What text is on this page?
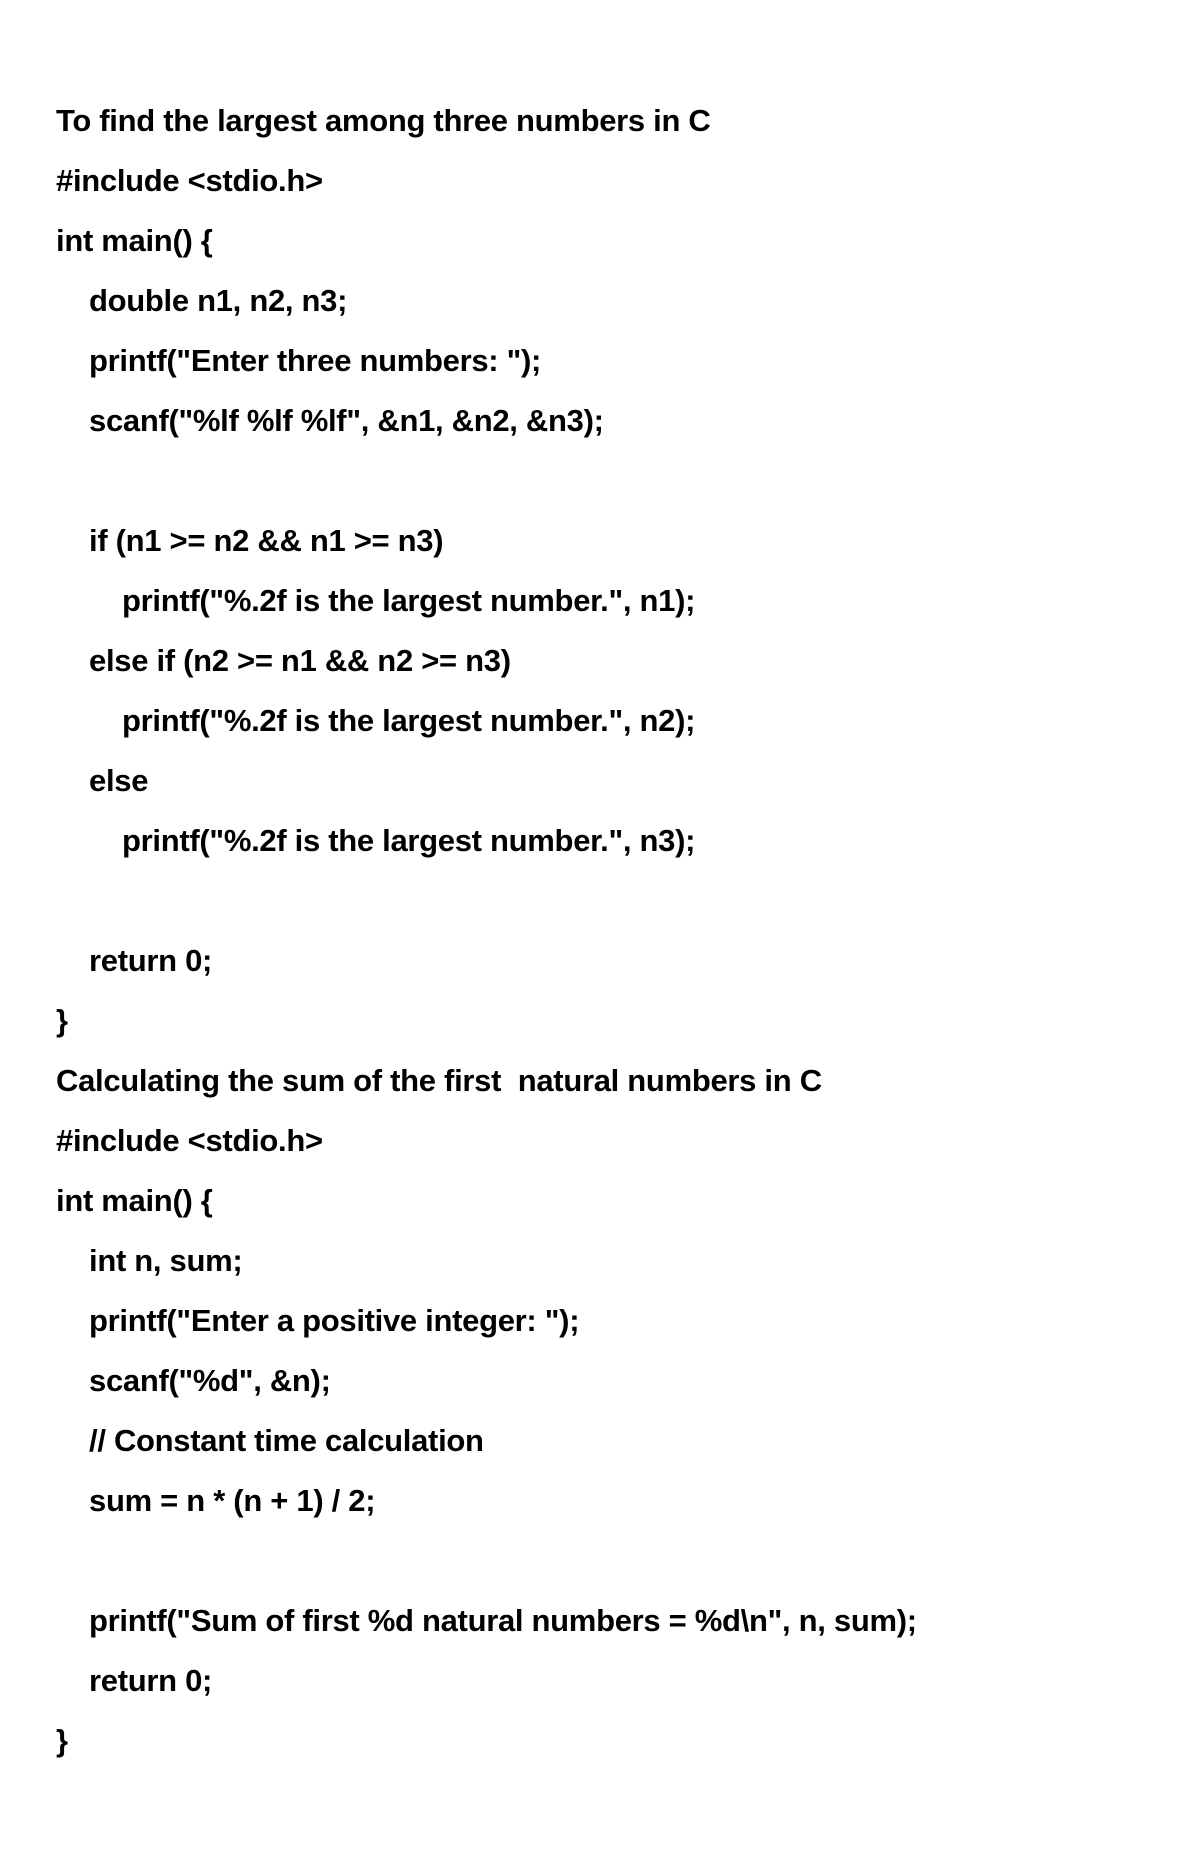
To find the largest among three numbers in C
#include <stdio.h>
int main() {
double n1, n2, n3;
printf("Enter three numbers: ");
scanf("%lf %lf %lf", &n1, &n2, &n3);
if (n1 >= n2 && n1 >= n3)
printf("%.2f is the largest number.", n1);
else if (n2 >= n1 && n2 >= n3)
printf("%.2f is the largest number.", n2);
else
printf("%.2f is the largest number.", n3);
return 0;
}
Calculating the sum of the first  natural numbers in C
#include <stdio.h>
int main() {
int n, sum;
printf("Enter a positive integer: ");
scanf("%d", &n);
// Constant time calculation
sum = n * (n + 1) / 2;
printf("Sum of first %d natural numbers = %d\n", n, sum);
return 0;
}
